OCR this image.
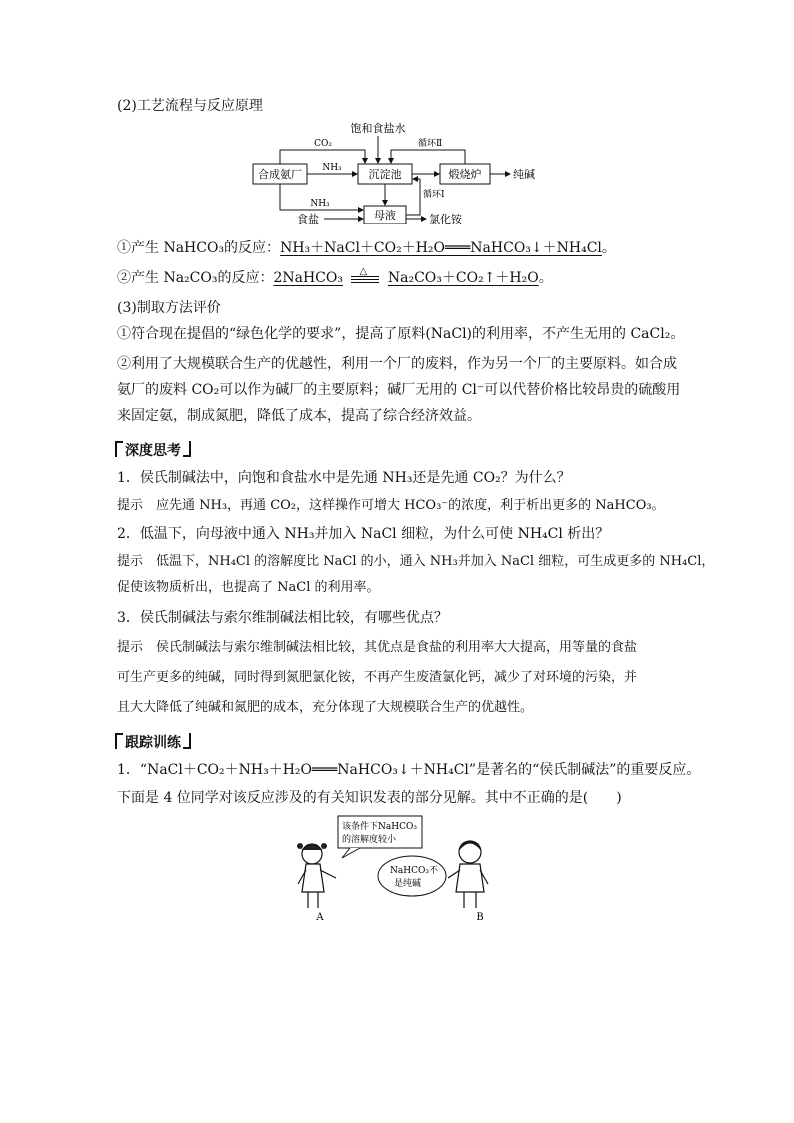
(2)工艺流程与反应原理
合成氨厂	沉淀池	煅烧炉
母液
饱和食盐水
CO₂	循环Ⅱ
NH₃	纯碱
循环Ⅰ
NH₃
食盐	氯化铵
①产生 NaHCO₃的反应：NH₃＋NaCl＋CO₂＋H₂O═══NaHCO₃↓＋NH₄Cl。
②产生 Na₂CO₃的反应：2NaHCO₃ △ Na₂CO₃＋CO₂↑＋H₂O。
(3)制取方法评价
①符合现在提倡的“绿色化学的要求”，提高了原料(NaCl)的利用率，不产生无用的 CaCl₂。
②利用了大规模联合生产的优越性，利用一个厂的废料，作为另一个厂的主要原料。如合成
氨厂的废料 CO₂可以作为碱厂的主要原料；碱厂无用的 Cl⁻可以代替价格比较昂贵的硫酸用
来固定氨，制成氮肥，降低了成本，提高了综合经济效益。
深度思考
1．侯氏制碱法中，向饱和食盐水中是先通 NH₃还是先通 CO₂？为什么？
提示　应先通 NH₃，再通 CO₂，这样操作可增大 HCO₃⁻的浓度，利于析出更多的 NaHCO₃。
2．低温下，向母液中通入 NH₃并加入 NaCl 细粒，为什么可使 NH₄Cl 析出？
提示　低温下，NH₄Cl 的溶解度比 NaCl 的小，通入 NH₃并加入 NaCl 细粒，可生成更多的 NH₄Cl，
促使该物质析出，也提高了 NaCl 的利用率。
3．侯氏制碱法与索尔维制碱法相比较，有哪些优点？
提示　侯氏制碱法与索尔维制碱法相比较，其优点是食盐的利用率大大提高，用等量的食盐
可生产更多的纯碱，同时得到氮肥氯化铵，不再产生废渣氯化钙，减少了对环境的污染，并
且大大降低了纯碱和氮肥的成本，充分体现了大规模联合生产的优越性。
跟踪训练
1．“NaCl＋CO₂＋NH₃＋H₂O═══NaHCO₃↓＋NH₄Cl”是著名的“侯氏制碱法”的重要反应。
下面是 4 位同学对该反应涉及的有关知识发表的部分见解。其中不正确的是(　　)
该条件下NaHCO₃
的溶解度较小
NaHCO₃不
是纯碱
A	B
